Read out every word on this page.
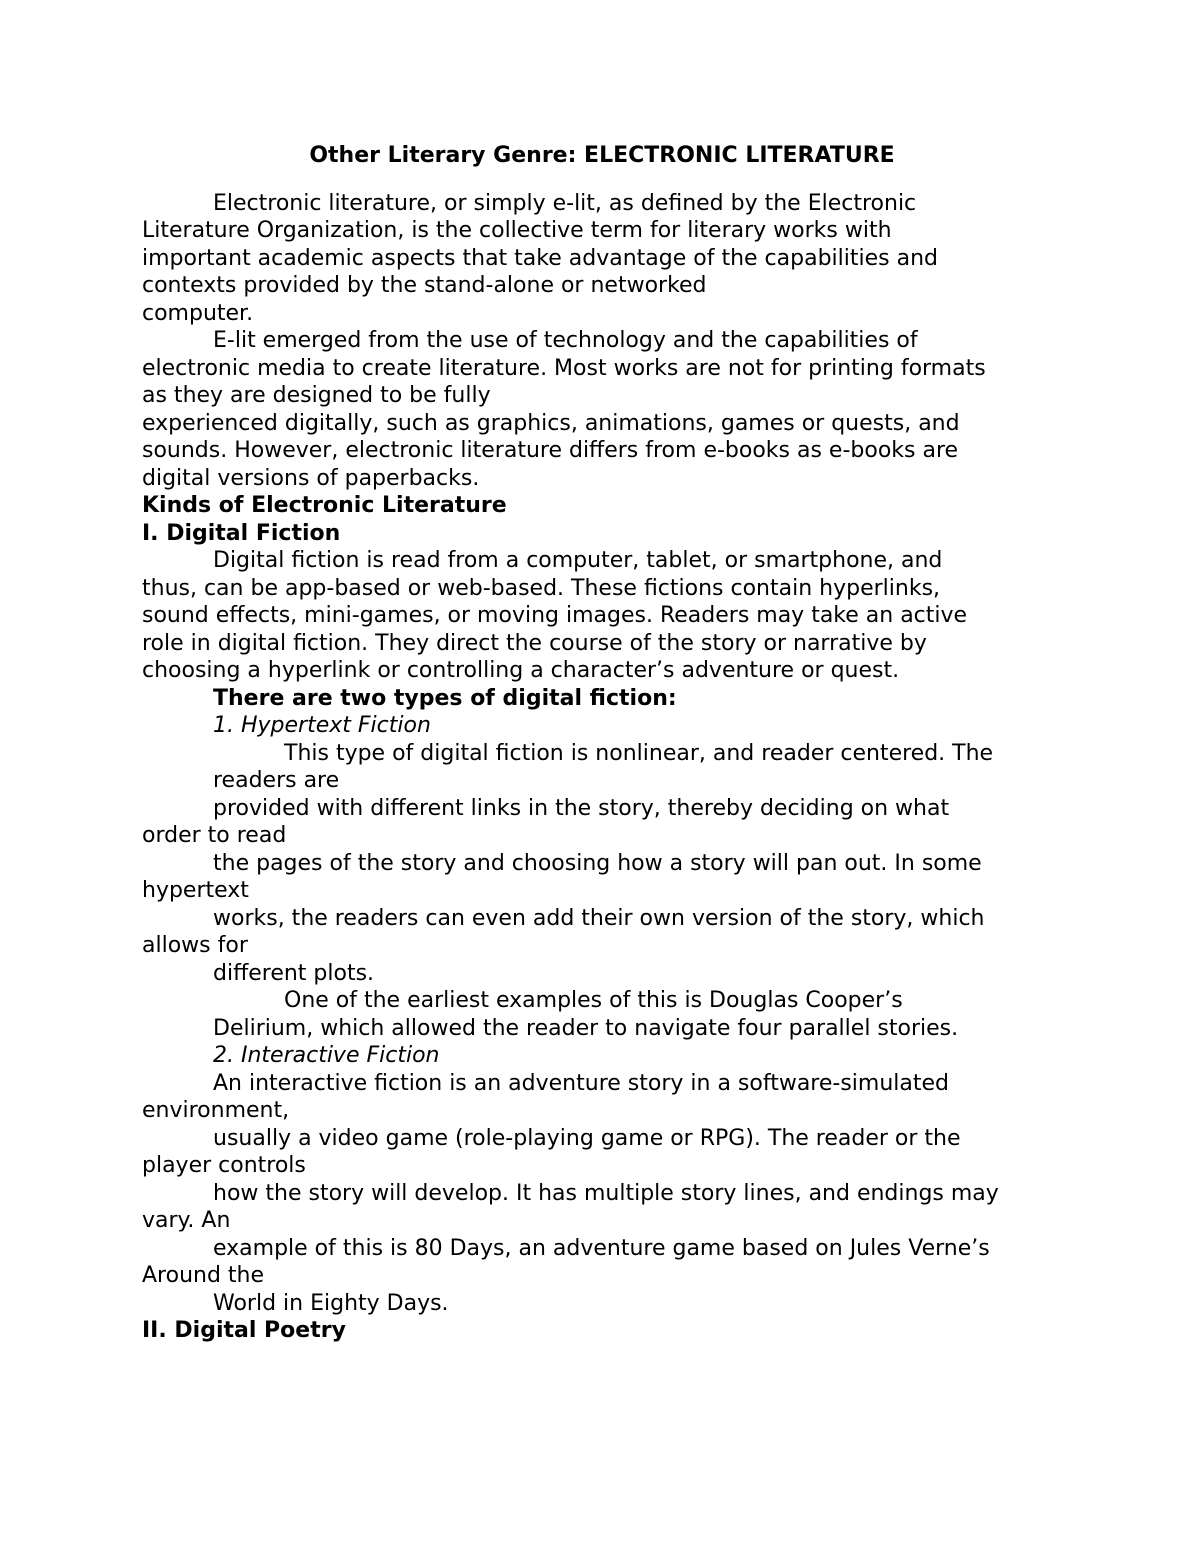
Other Literary Genre: ELECTRONIC LITERATURE
Electronic literature, or simply e-lit, as defined by the Electronic
Literature Organization, is the collective term for literary works with
important academic aspects that take advantage of the capabilities and
contexts provided by the stand-alone or networked
computer.
E-lit emerged from the use of technology and the capabilities of
electronic media to create literature. Most works are not for printing formats
as they are designed to be fully
experienced digitally, such as graphics, animations, games or quests, and
sounds. However, electronic literature differs from e-books as e-books are
digital versions of paperbacks.
Kinds of Electronic Literature
I. Digital Fiction
Digital fiction is read from a computer, tablet, or smartphone, and
thus, can be app-based or web-based. These fictions contain hyperlinks,
sound effects, mini-games, or moving images. Readers may take an active
role in digital fiction. They direct the course of the story or narrative by
choosing a hyperlink or controlling a character’s adventure or quest.
There are two types of digital fiction:
1. Hypertext Fiction
This type of digital fiction is nonlinear, and reader centered. The
readers are
provided with different links in the story, thereby deciding on what
order to read
the pages of the story and choosing how a story will pan out. In some
hypertext
works, the readers can even add their own version of the story, which
allows for
different plots.
One of the earliest examples of this is Douglas Cooper’s
Delirium, which allowed the reader to navigate four parallel stories.
2. Interactive Fiction
An interactive fiction is an adventure story in a software-simulated
environment,
usually a video game (role-playing game or RPG). The reader or the
player controls
how the story will develop. It has multiple story lines, and endings may
vary. An
example of this is 80 Days, an adventure game based on Jules Verne’s
Around the
World in Eighty Days.
II. Digital Poetry
